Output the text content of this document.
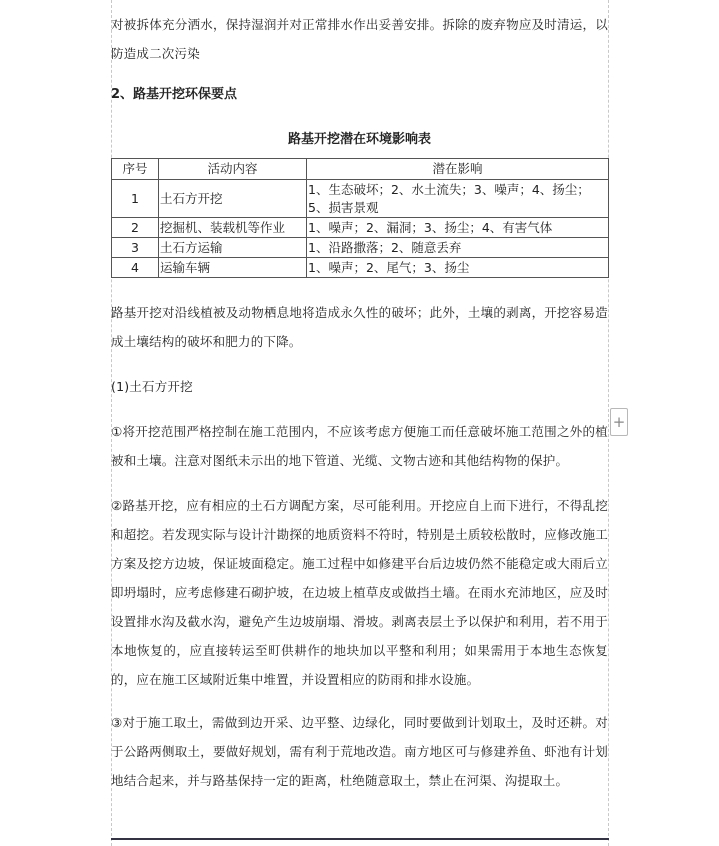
对被拆体充分洒水，保持湿润并对正常排水作出妥善安排。拆除的废弃物应及时清运，以防造成二次污染

2、路基开挖环保要点
路基开挖潜在环境影响表
序号	活动内容	潜在影响
1	土石方开挖	1、生态破坏；2、水土流失；3、噪声；4、扬尘；5、损害景观
2	挖掘机、装载机等作业	1、噪声；2、漏洞；3、扬尘；4、有害气体
3	土石方运输	1、沿路撒落；2、随意丢弃
4	运输车辆	1、噪声；2、尾气；3、扬尘

路基开挖对沿线植被及动物栖息地将造成永久性的破坏；此外，土壤的剥离，开挖容易造成土壤结构的破坏和肥力的下降。

(1)土石方开挖

①将开挖范围严格控制在施工范围内，不应该考虑方便施工而任意破坏施工范围之外的植被和土壤。注意对图纸未示出的地下管道、光缆、文物古迹和其他结构物的保护。

②路基开挖，应有相应的土石方调配方案，尽可能利用。开挖应自上而下进行，不得乱挖和超挖。若发现实际与设计汁勘探的地质资料不符时，特别是土质较松散时，应修改施工方案及挖方边坡，保证坡面稳定。施工过程中如修建平台后边坡仍然不能稳定或大雨后立即坍塌时，应考虑修建石砌护坡，在边坡上植草皮或做挡土墙。在雨水充沛地区，应及时设置排水沟及截水沟，避免产生边坡崩塌、滑坡。剥离表层土予以保护和利用，若不用于本地恢复的，应直接转运至町供耕作的地块加以平整和利用；如果需用于本地生态恢复的，应在施工区域附近集中堆置，并设置相应的防雨和排水设施。

③对于施工取土，需做到边开采、边平整、边绿化，同时要做到计划取土，及时还耕。对于公路两侧取土，要做好规划，需有利于荒地改造。南方地区可与修建养鱼、虾池有计划地结合起来，并与路基保持一定的距离，杜绝随意取土，禁止在河渠、沟提取土。

+
